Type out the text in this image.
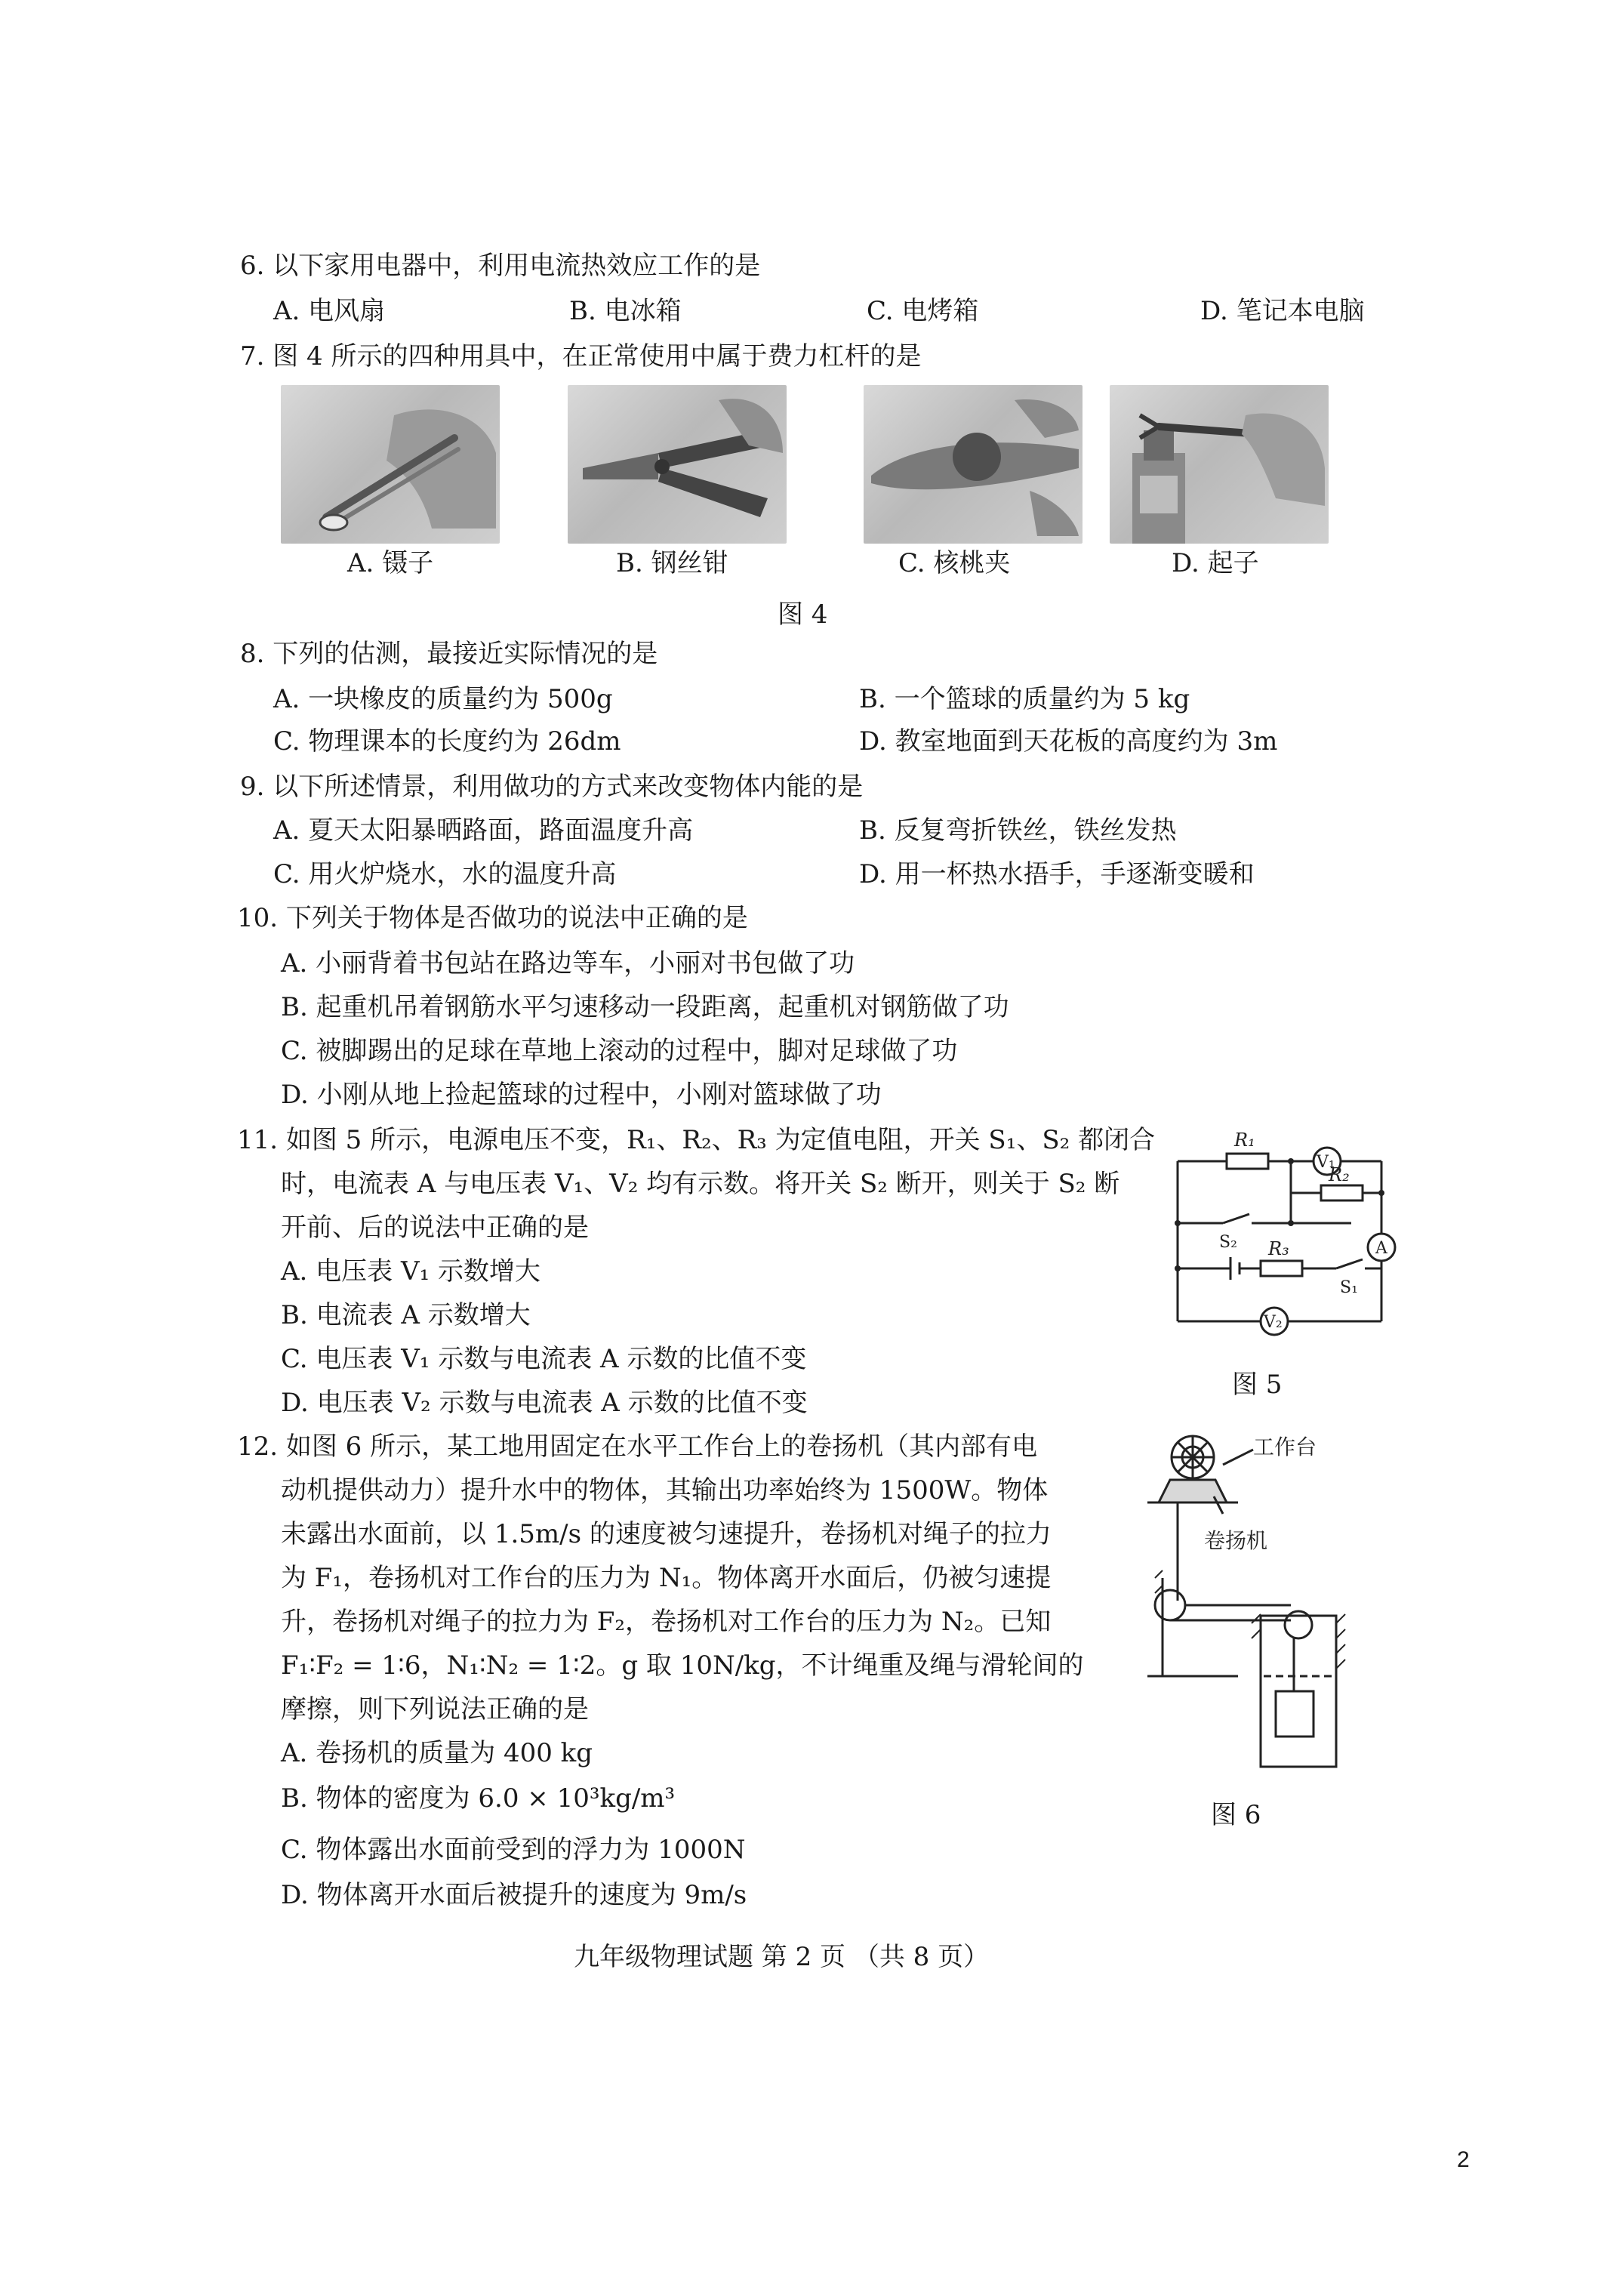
6. 以下家用电器中，利用电流热效应工作的是
A. 电风扇	B. 电冰箱	C. 电烤箱	D. 笔记本电脑
7. 图 4 所示的四种用具中，在正常使用中属于费力杠杆的是
A. 镊子	B. 钢丝钳	C. 核桃夹	D. 起子
图 4
8. 下列的估测，最接近实际情况的是
A. 一块橡皮的质量约为 500g	B. 一个篮球的质量约为 5 kg
C. 物理课本的长度约为 26dm	D. 教室地面到天花板的高度约为 3m
9. 以下所述情景，利用做功的方式来改变物体内能的是
A. 夏天太阳暴晒路面，路面温度升高	B. 反复弯折铁丝，铁丝发热
C. 用火炉烧水，水的温度升高	D. 用一杯热水捂手，手逐渐变暖和
10. 下列关于物体是否做功的说法中正确的是
A. 小丽背着书包站在路边等车，小丽对书包做了功
B. 起重机吊着钢筋水平匀速移动一段距离，起重机对钢筋做了功
C. 被脚踢出的足球在草地上滚动的过程中，脚对足球做了功
D. 小刚从地上捡起篮球的过程中，小刚对篮球做了功
11. 如图 5 所示，电源电压不变，R₁、R₂、R₃ 为定值电阻，开关 S₁、S₂ 都闭合
时，电流表 A 与电压表 V₁、V₂ 均有示数。将开关 S₂ 断开，则关于 S₂ 断
开前、后的说法中正确的是
A. 电压表 V₁ 示数增大
B. 电流表 A 示数增大
C. 电压表 V₁ 示数与电流表 A 示数的比值不变
D. 电压表 V₂ 示数与电流表 A 示数的比值不变
R₁
R₂
R₃
S₂
S₁
V₁
V₂
A
图 5
12. 如图 6 所示，某工地用固定在水平工作台上的卷扬机（其内部有电
动机提供动力）提升水中的物体，其输出功率始终为 1500W。物体
未露出水面前，以 1.5m/s 的速度被匀速提升，卷扬机对绳子的拉力
为 F₁，卷扬机对工作台的压力为 N₁。物体离开水面后，仍被匀速提
升，卷扬机对绳子的拉力为 F₂，卷扬机对工作台的压力为 N₂。已知
F₁∶F₂ = 1∶6，N₁∶N₂ = 1∶2。g 取 10N/kg，不计绳重及绳与滑轮间的
摩擦，则下列说法正确的是
A. 卷扬机的质量为 400 kg
B. 物体的密度为 6.0 × 10³kg/m³
C. 物体露出水面前受到的浮力为 1000N
D. 物体离开水面后被提升的速度为 9m/s
工作台
卷扬机
图 6
九年级物理试题 第 2 页 （共 8 页）
2
